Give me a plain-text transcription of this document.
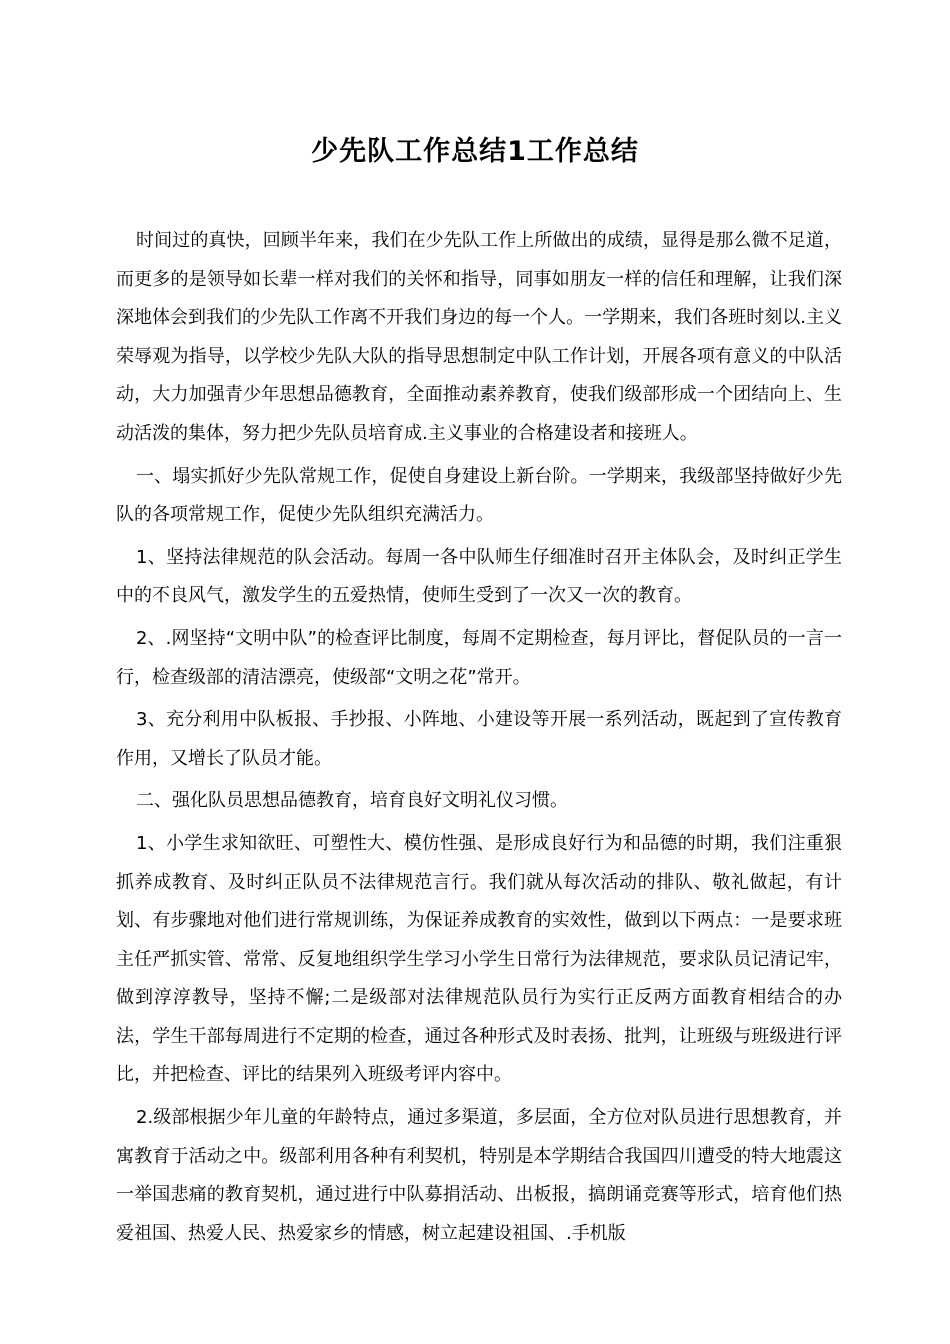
少先队工作总结1工作总结

时间过的真快，回顾半年来，我们在少先队工作上所做出的成绩，显得是那么微不足道，而更多的是领导如长辈一样对我们的关怀和指导，同事如朋友一样的信任和理解，让我们深深地体会到我们的少先队工作离不开我们身边的每一个人。一学期来，我们各班时刻以.主义荣辱观为指导，以学校少先队大队的指导思想制定中队工作计划，开展各项有意义的中队活动，大力加强青少年思想品德教育，全面推动素养教育，使我们级部形成一个团结向上、生动活泼的集体，努力把少先队员培育成.主义事业的合格建设者和接班人。

一、塌实抓好少先队常规工作，促使自身建设上新台阶。一学期来，我级部坚持做好少先队的各项常规工作，促使少先队组织充满活力。

1、坚持法律规范的队会活动。每周一各中队师生仔细准时召开主体队会，及时纠正学生中的不良风气，激发学生的五爱热情，使师生受到了一次又一次的教育。

2、.网坚持“文明中队”的检查评比制度，每周不定期检查，每月评比，督促队员的一言一行，检查级部的清洁漂亮，使级部“文明之花”常开。

3、充分利用中队板报、手抄报、小阵地、小建设等开展一系列活动，既起到了宣传教育作用，又增长了队员才能。

二、强化队员思想品德教育，培育良好文明礼仪习惯。

1、小学生求知欲旺、可塑性大、模仿性强、是形成良好行为和品德的时期，我们注重狠抓养成教育、及时纠正队员不法律规范言行。我们就从每次活动的排队、敬礼做起，有计划、有步骤地对他们进行常规训练，为保证养成教育的实效性，做到以下两点：一是要求班主任严抓实管、常常、反复地组织学生学习小学生日常行为法律规范，要求队员记清记牢，做到淳淳教导，坚持不懈;二是级部对法律规范队员行为实行正反两方面教育相结合的办法，学生干部每周进行不定期的检查，通过各种形式及时表扬、批判，让班级与班级进行评比，并把检查、评比的结果列入班级考评内容中。

2.级部根据少年儿童的年龄特点，通过多渠道，多层面，全方位对队员进行思想教育，并寓教育于活动之中。级部利用各种有利契机，特别是本学期结合我国四川遭受的特大地震这一举国悲痛的教育契机，通过进行中队募捐活动、出板报，搞朗诵竞赛等形式，培育他们热爱祖国、热爱人民、热爱家乡的情感，树立起建设祖国、.手机版
